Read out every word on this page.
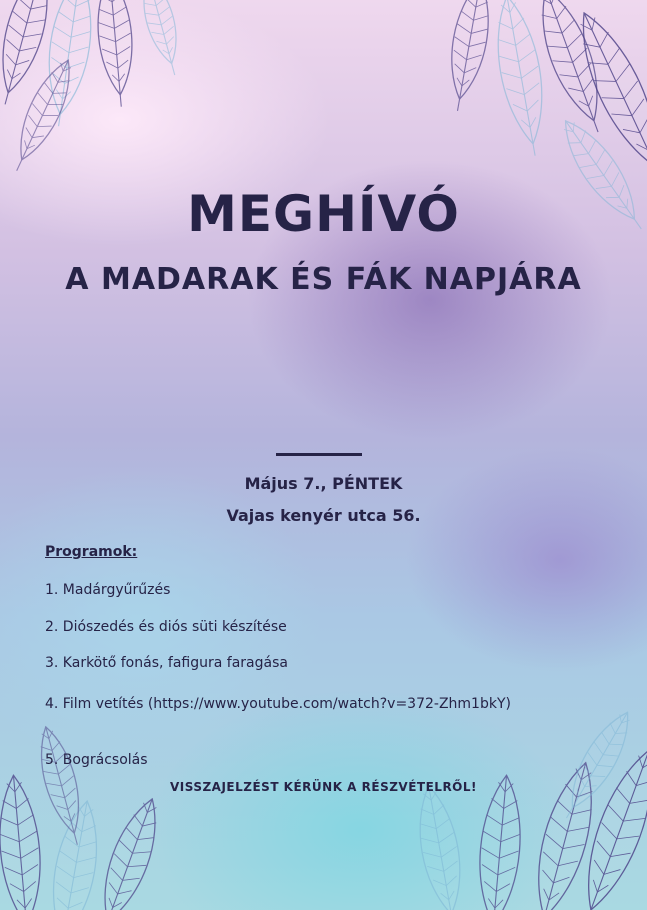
MEGHÍVÓ
A MADARAK ÉS FÁK NAPJÁRA
Május 7., PÉNTEK
Vajas kenyér utca 56.
Programok:
1. Madárgyűrűzés
2. Diószedés és diós süti készítése
3. Karkötő fonás, fafigura faragása
4. Film vetítés (https://www.youtube.com/watch?v=372-Zhm1bkY)
5. Bográcsolás
VISSZAJELZÉST KÉRÜNK A RÉSZVÉTELRŐL!
